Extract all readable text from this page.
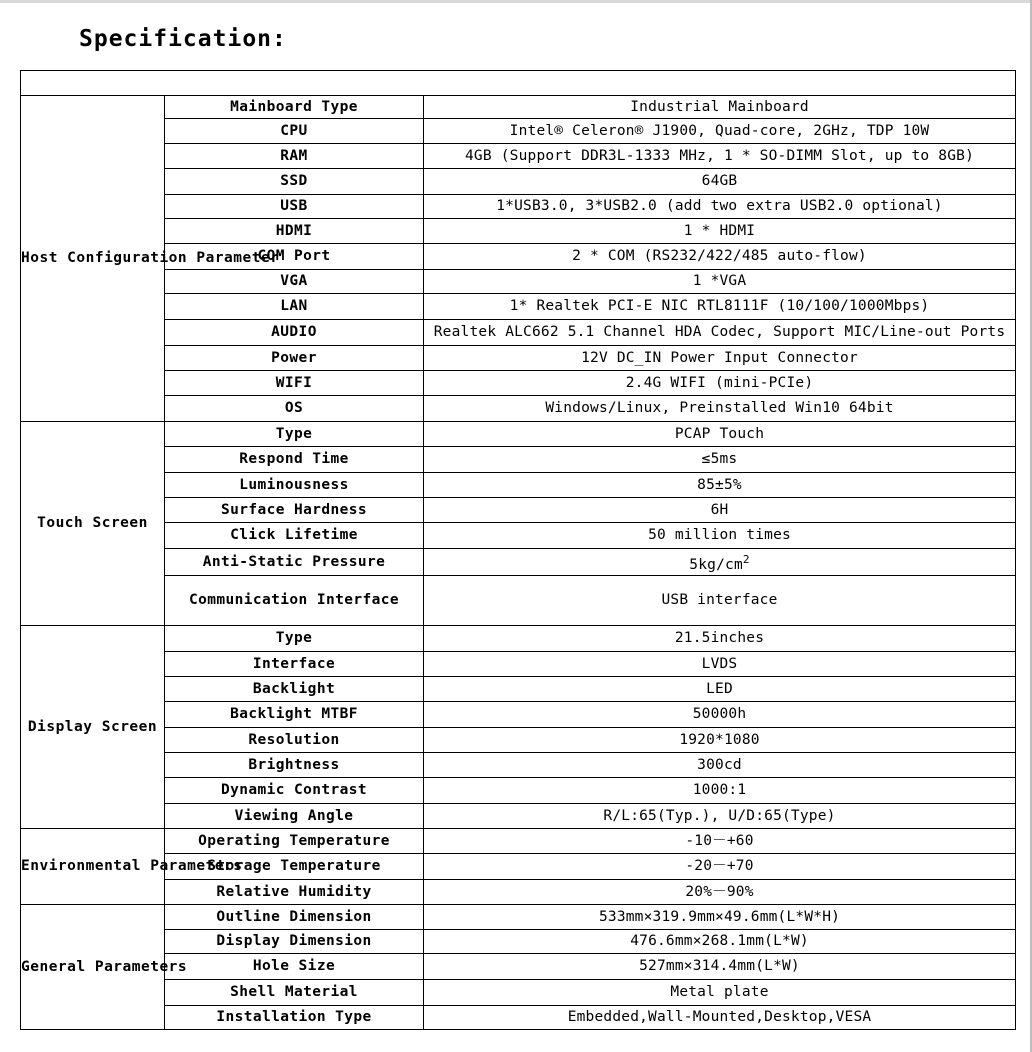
Specification:

Host Configuration Parameter	Mainboard Type	Industrial Mainboard
	CPU	Intel® Celeron® J1900, Quad-core, 2GHz, TDP 10W
	RAM	4GB (Support DDR3L-1333 MHz, 1 * SO-DIMM Slot, up to 8GB)
	SSD	64GB
	USB	1*USB3.0, 3*USB2.0 (add two extra USB2.0 optional)
	HDMI	1 * HDMI
	COM Port	2 * COM (RS232/422/485 auto-flow)
	VGA	1 *VGA
	LAN	1* Realtek PCI-E NIC RTL8111F (10/100/1000Mbps)
	AUDIO	Realtek ALC662 5.1 Channel HDA Codec, Support MIC/Line-out Ports
	Power	12V DC_IN Power Input Connector
	WIFI	2.4G WIFI (mini-PCIe)
	OS	Windows/Linux, Preinstalled Win10 64bit
Touch Screen	Type	PCAP Touch
	Respond Time	≤5ms
	Luminousness	85±5%
	Surface Hardness	6H
	Click Lifetime	50 million times
	Anti-Static Pressure	$5kg/cm^2$
	Communication Interface	USB interface
Display Screen	Type	21.5inches
	Interface	LVDS
	Backlight	LED
	Backlight MTBF	50000h
	Resolution	1920*1080
	Brightness	300cd
	Dynamic Contrast	1000:1
	Viewing Angle	R/L:65(Typ.), U/D:65(Type)
Environmental Parameters	Operating Temperature	-10－+60
	Storage Temperature	-20－+70
	Relative Humidity	20%－90%
General Parameters	Outline Dimension	533mm×319.9mm×49.6mm(L*W*H)
	Display Dimension	476.6mm×268.1mm(L*W)
	Hole Size	527mm×314.4mm(L*W)
	Shell Material	Metal plate
	Installation Type	Embedded,Wall-Mounted,Desktop,VESA
